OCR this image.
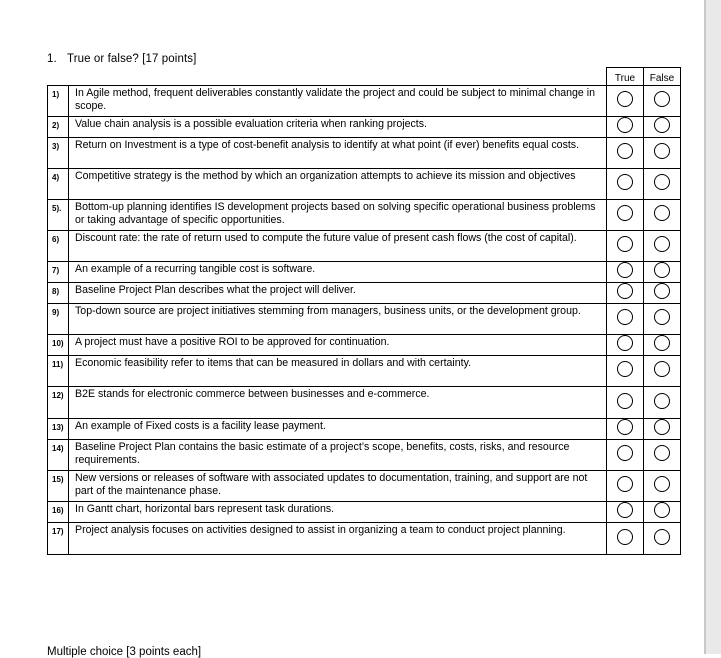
1. True or false? [17 points]
		True	False
1)	In Agile method, frequent deliverables constantly validate the project and could be subject to minimal change in scope.		
2)	Value chain analysis is a possible evaluation criteria when ranking projects.		
3)	Return on Investment is a type of cost-benefit analysis to identify at what point (if ever) benefits equal costs.		
4)	Competitive strategy is the method by which an organization attempts to achieve its mission and objectives		
5).	Bottom-up planning identifies IS development projects based on solving specific operational business problems or taking advantage of specific opportunities.		
6)	Discount rate: the rate of return used to compute the future value of present cash flows (the cost of capital).		
7)	An example of a recurring tangible cost is software.		
8)	Baseline Project Plan describes what the project will deliver.		
9)	Top-down source are project initiatives stemming from managers, business units, or the development group.		
10)	A project must have a positive ROI to be approved for continuation.		
11)	Economic feasibility refer to items that can be measured in dollars and with certainty.		
12)	B2E stands for electronic commerce between businesses and e-commerce.		
13)	An example of Fixed costs is a facility lease payment.		
14)	Baseline Project Plan contains the basic estimate of a project’s scope, benefits, costs, risks, and resource requirements.		
15)	New versions or releases of software with associated updates to documentation, training, and support are not part of the maintenance phase.		
16)	In Gantt chart, horizontal bars represent task durations.		
17)	Project analysis focuses on activities designed to assist in organizing a team to conduct project planning.		
Multiple choice [3 points each]
